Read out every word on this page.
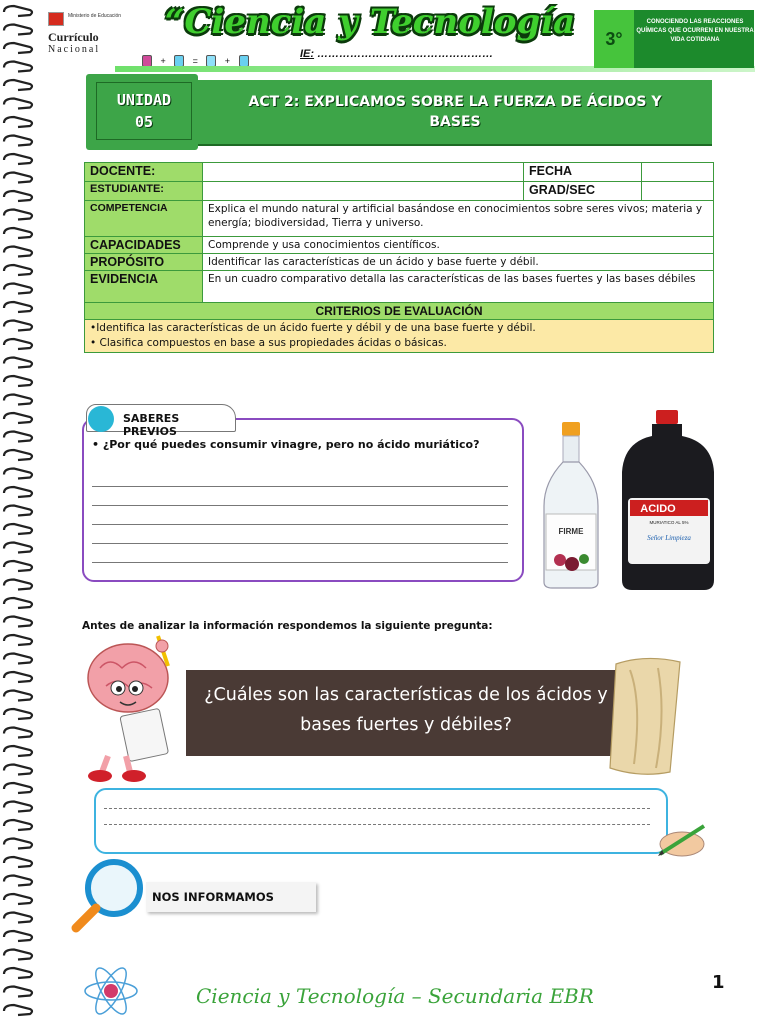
Ministerio de Educación
Currículo
Nacional
+	=	+
“Ciencia y Tecnología
IE: …………………………………………
3°
CONOCIENDO LAS REACCIONES QUÍMICAS QUE OCURREN EN NUESTRA VIDA COTIDIANA
UNIDAD
05
ACT 2: EXPLICAMOS SOBRE LA FUERZA DE ÁCIDOS Y BASES
DOCENTE:		FECHA	
ESTUDIANTE:		GRAD/SEC	
COMPETENCIA	Explica el mundo natural y artificial basándose en conocimientos sobre seres vivos; materia y energía; biodiversidad, Tierra y universo.		
CAPACIDADES	Comprende y usa conocimientos científicos.		
PROPÓSITO	Identificar las características de un ácido y base fuerte y débil.		
EVIDENCIA	En un cuadro comparativo detalla las características de las bases fuertes y las bases débiles		
CRITERIOS DE EVALUACIÓN			

•Identifica las características de un ácido fuerte y débil y de una base fuerte y débil.
• Clasifica compuestos en base a sus propiedades ácidas o básicas.			
SABERES PREVIOS
• ¿Por qué puedes consumir vinagre, pero no ácido muriático?
FIRME
ACIDO
MURIATICO AL 5%
Señor Limpieza
Antes de analizar la información respondemos la siguiente pregunta:
¿Cuáles son las características de los ácidos y bases fuertes y débiles?
NOS INFORMAMOS
Ciencia y Tecnología – Secundaria EBR
1
